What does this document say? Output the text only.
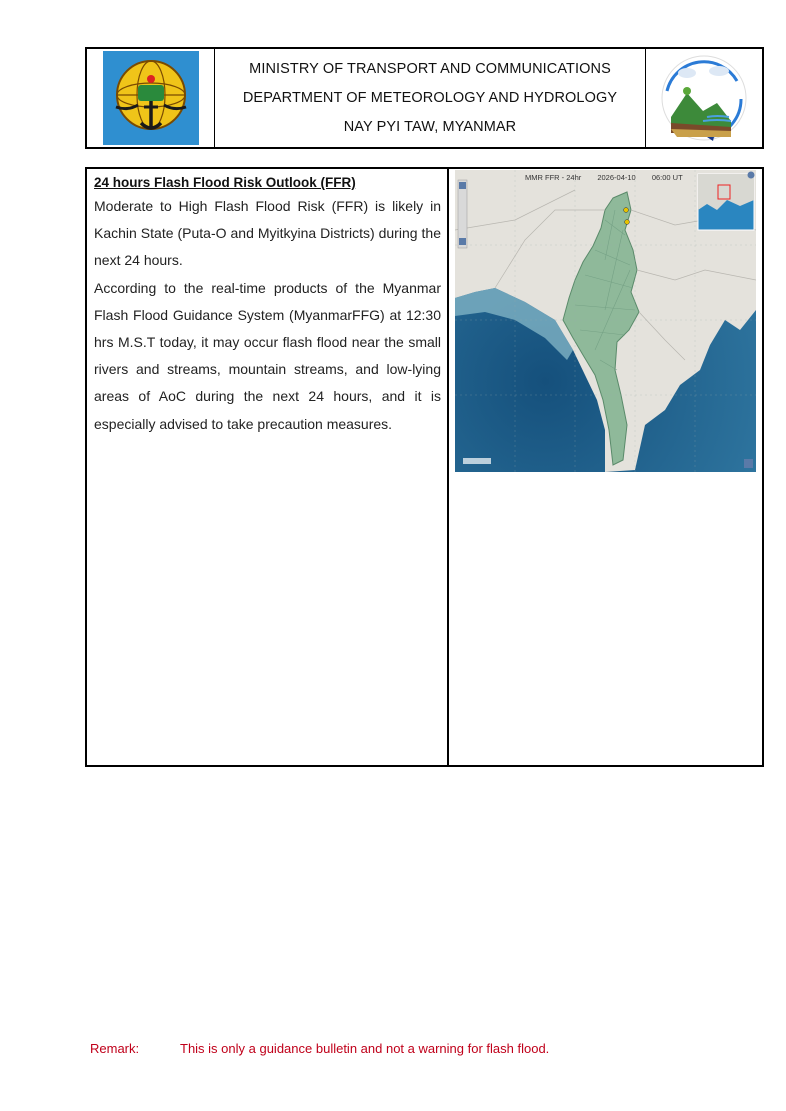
MINISTRY OF TRANSPORT AND COMMUNICATIONS
DEPARTMENT OF METEOROLOGY AND HYDROLOGY
NAY PYI TAW, MYANMAR
24 hours Flash Flood Risk Outlook (FFR)

Moderate to High Flash Flood Risk (FFR) is likely in Kachin State (Puta-O and Myitkyina Districts) during the next 24 hours.

According to the real-time products of the Myanmar Flash Flood Guidance System (MyanmarFFG) at 12:30 hrs M.S.T today, it may occur flash flood near the small rivers and streams, mountain streams, and low-lying areas of AoC during the next 24 hours, and it is especially advised to take precaution measures.

MMR FFR - 24hr 2026-04-10 06:00 UT
Remark:	This is only a guidance bulletin and not a warning for flash flood.
